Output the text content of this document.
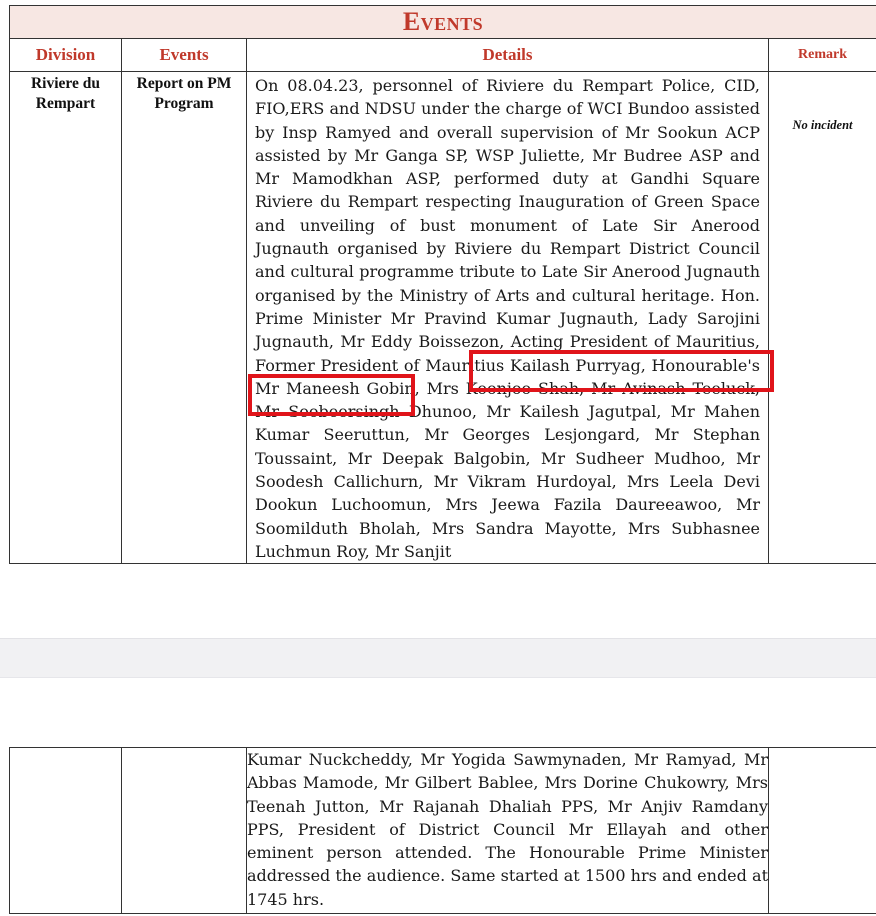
Events			
Division	Events	Details	Remark
Riviere du Rempart	Report on PM Program	On 08.04.23, personnel of Riviere du Rempart Police, CID, FIO,ERS and NDSU under the charge of WCI Bundoo assisted by Insp Ramyed and overall supervision of Mr Sookun ACP assisted by Mr Ganga SP, WSP Juliette, Mr Budree ASP and Mr Mamodkhan ASP, performed duty at Gandhi Square Riviere du Rempart respecting Inauguration of Green Space and unveiling of bust monument of Late Sir Anerood Jugnauth organised by Riviere du Rempart District Council and cultural programme tribute to Late Sir Anerood Jugnauth organised by the Ministry of Arts and cultural heritage. Hon. Prime Minister Mr Pravind Kumar Jugnauth, Lady Sarojini Jugnauth, Mr Eddy Boissezon, Acting President of Mauritius, Former President of Mauritius Kailash Purryag, Honourable's Mr Maneesh Gobin, Mrs Koonjoo Shah, Mr Avinash Teeluck, Mr Soobeersingh Dhunoo, Mr Kailesh Jagutpal, Mr Mahen Kumar Seeruttun, Mr Georges Lesjongard, Mr Stephan Toussaint, Mr Deepak Balgobin, Mr Sudheer Mudhoo, Mr Soodesh Callichurn, Mr Vikram Hurdoyal, Mrs Leela Devi Dookun Luchoomun, Mrs Jeewa Fazila Daureeawoo, Mr Soomilduth Bholah, Mrs Sandra Mayotte, Mrs Subhasnee Luchmun Roy, Mr Sanjit	No incident
		Kumar Nuckcheddy, Mr Yogida Sawmynaden, Mr Ramyad, Mr Abbas Mamode, Mr Gilbert Bablee, Mrs Dorine Chukowry, Mrs Teenah Jutton, Mr Rajanah Dhaliah PPS, Mr Anjiv Ramdany PPS, President of District Council Mr Ellayah and other eminent person attended. The Honourable Prime Minister addressed the audience. Same started at 1500 hrs and ended at 1745 hrs.	
